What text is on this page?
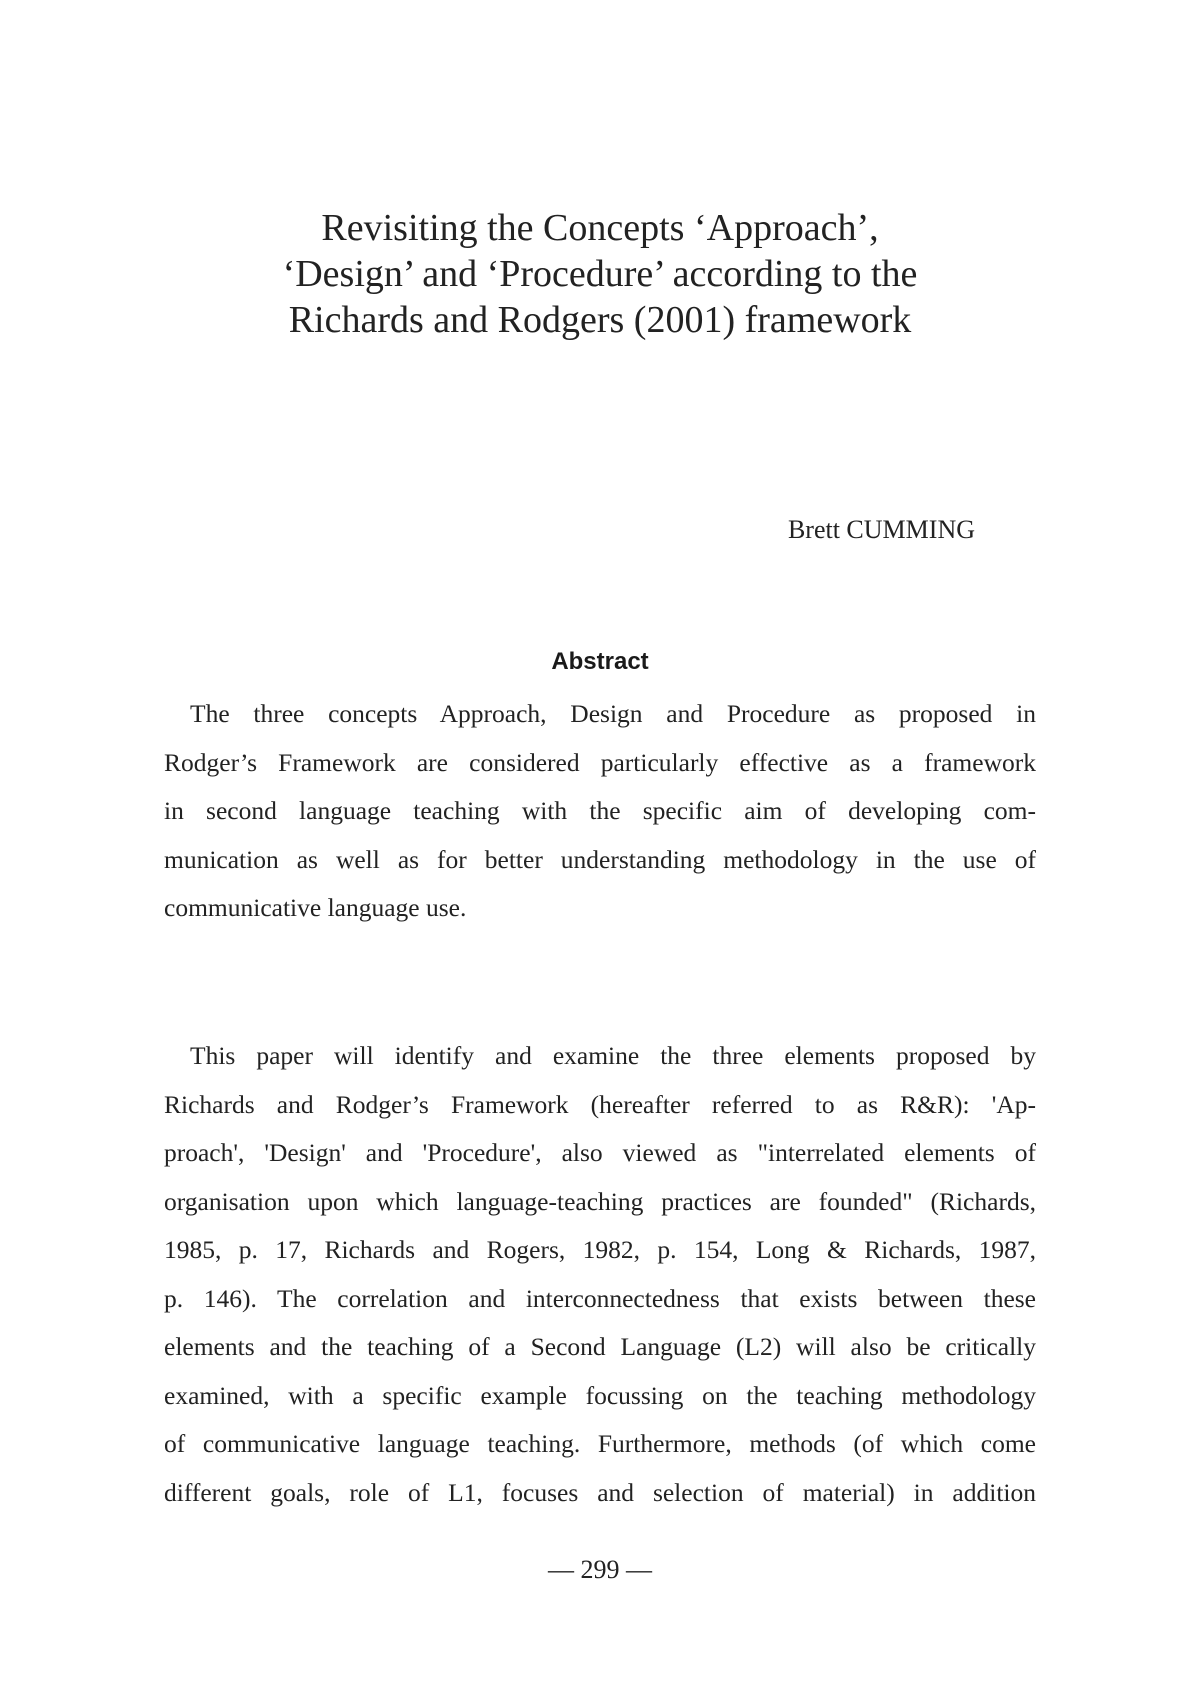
Revisiting the Concepts ‘Approach’,
‘Design’ and ‘Procedure’ according to the
Richards and Rodgers (2001) framework
Brett CUMMING
Abstract

The three concepts Approach, Design and Procedure as proposed in
Rodger’s Framework are considered particularly effective as a framework
in second language teaching with the specific aim of developing com-
munication as well as for better understanding methodology in the use of
communicative language use.

This paper will identify and examine the three elements proposed by
Richards and Rodger’s Framework (hereafter referred to as R&R): 'Ap-
proach', 'Design' and 'Procedure', also viewed as "interrelated elements of
organisation upon which language-teaching practices are founded" (Richards,
1985, p. 17, Richards and Rogers, 1982, p. 154, Long & Richards, 1987,
p. 146). The correlation and interconnectedness that exists between these
elements and the teaching of a Second Language (L2) will also be critically
examined, with a specific example focussing on the teaching methodology
of communicative language teaching. Furthermore, methods (of which come
different goals, role of L1, focuses and selection of material) in addition

— 299 —
